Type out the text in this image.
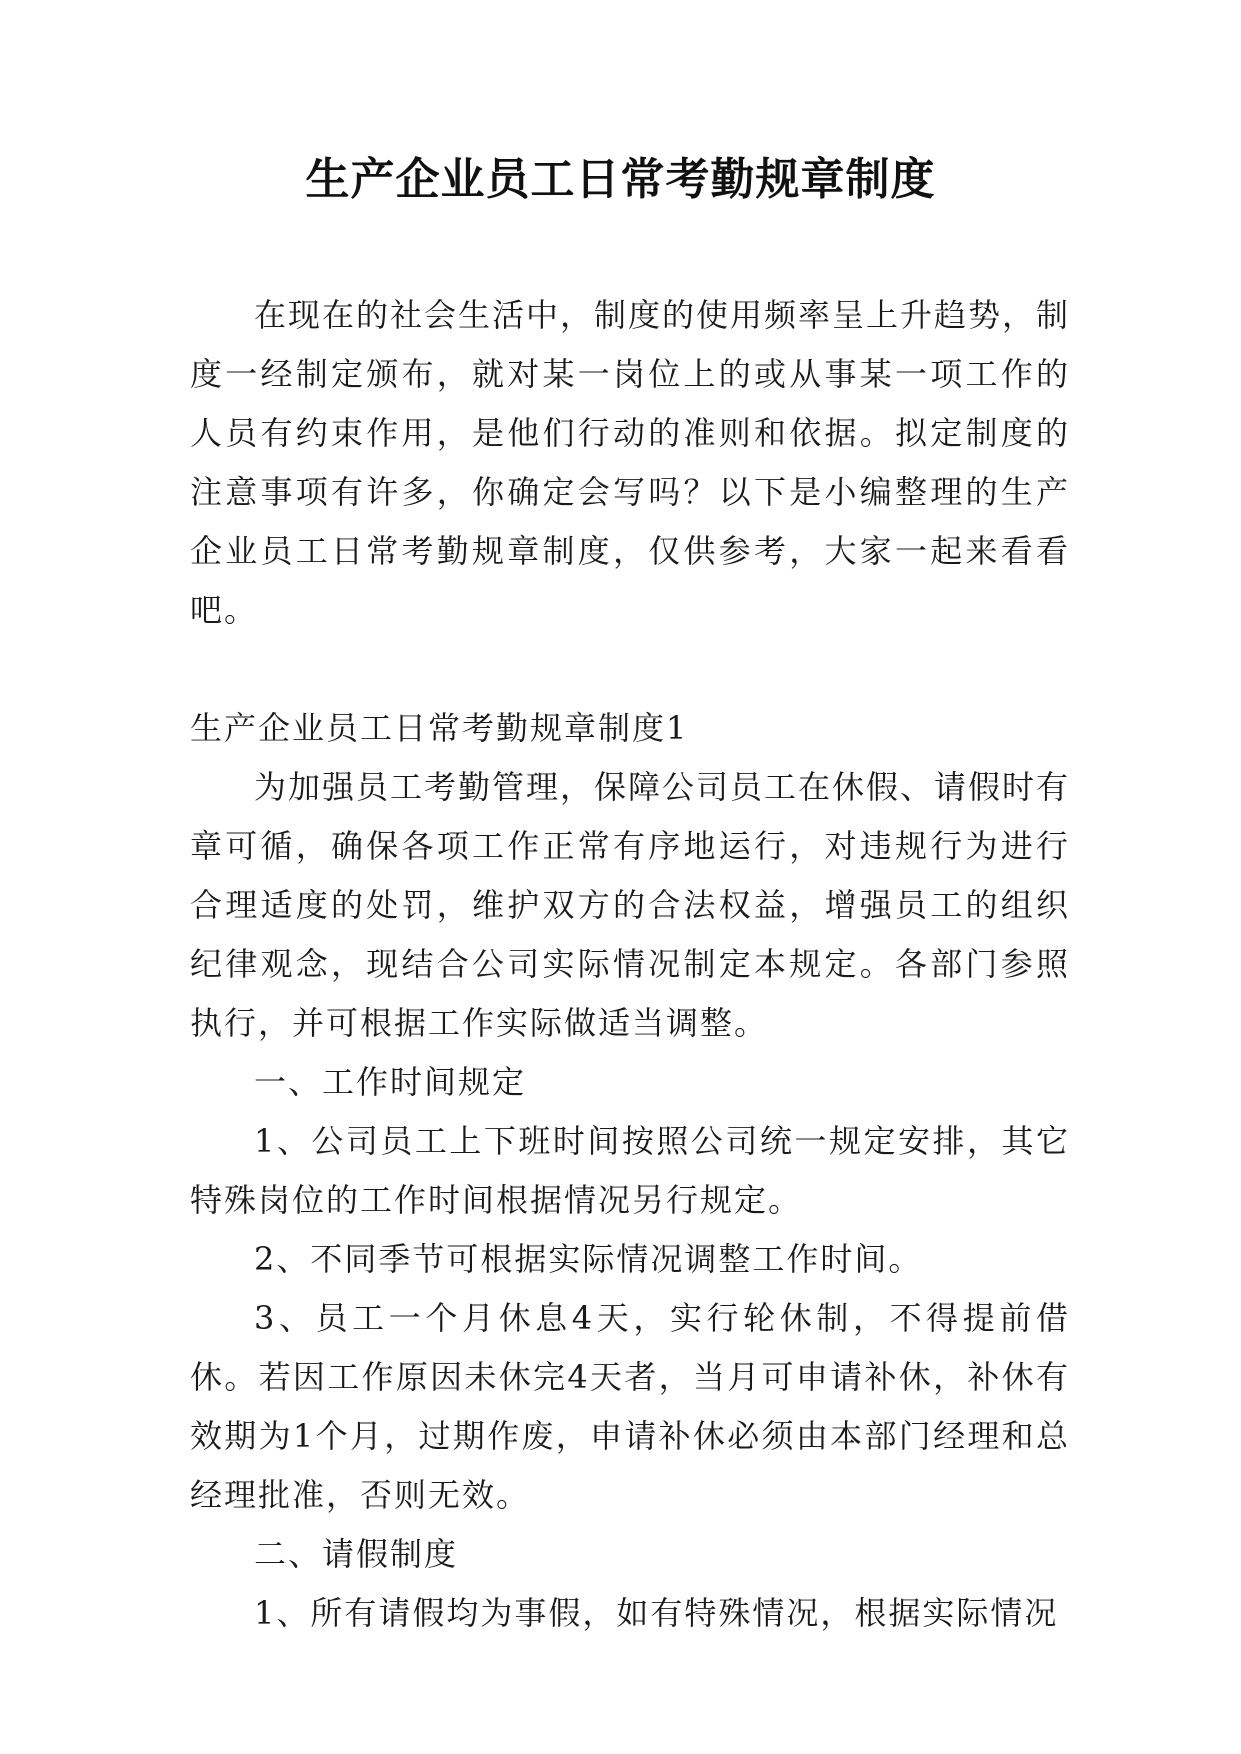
生产企业员工日常考勤规章制度

在现在的社会生活中，制度的使用频率呈上升趋势，制度一经制定颁布，就对某一岗位上的或从事某一项工作的人员有约束作用，是他们行动的准则和依据。拟定制度的注意事项有许多，你确定会写吗？以下是小编整理的生产企业员工日常考勤规章制度，仅供参考，大家一起来看看吧。

生产企业员工日常考勤规章制度1

为加强员工考勤管理，保障公司员工在休假、请假时有章可循，确保各项工作正常有序地运行，对违规行为进行合理适度的处罚，维护双方的合法权益，增强员工的组织纪律观念，现结合公司实际情况制定本规定。各部门参照执行，并可根据工作实际做适当调整。

一、工作时间规定

1、公司员工上下班时间按照公司统一规定安排，其它特殊岗位的工作时间根据情况另行规定。

2、不同季节可根据实际情况调整工作时间。

3、员工一个月休息4天，实行轮休制，不得提前借休。若因工作原因未休完4天者，当月可申请补休，补休有效期为1个月，过期作废，申请补休必须由本部门经理和总经理批准，否则无效。

二、请假制度

1、所有请假均为事假，如有特殊情况，根据实际情况
